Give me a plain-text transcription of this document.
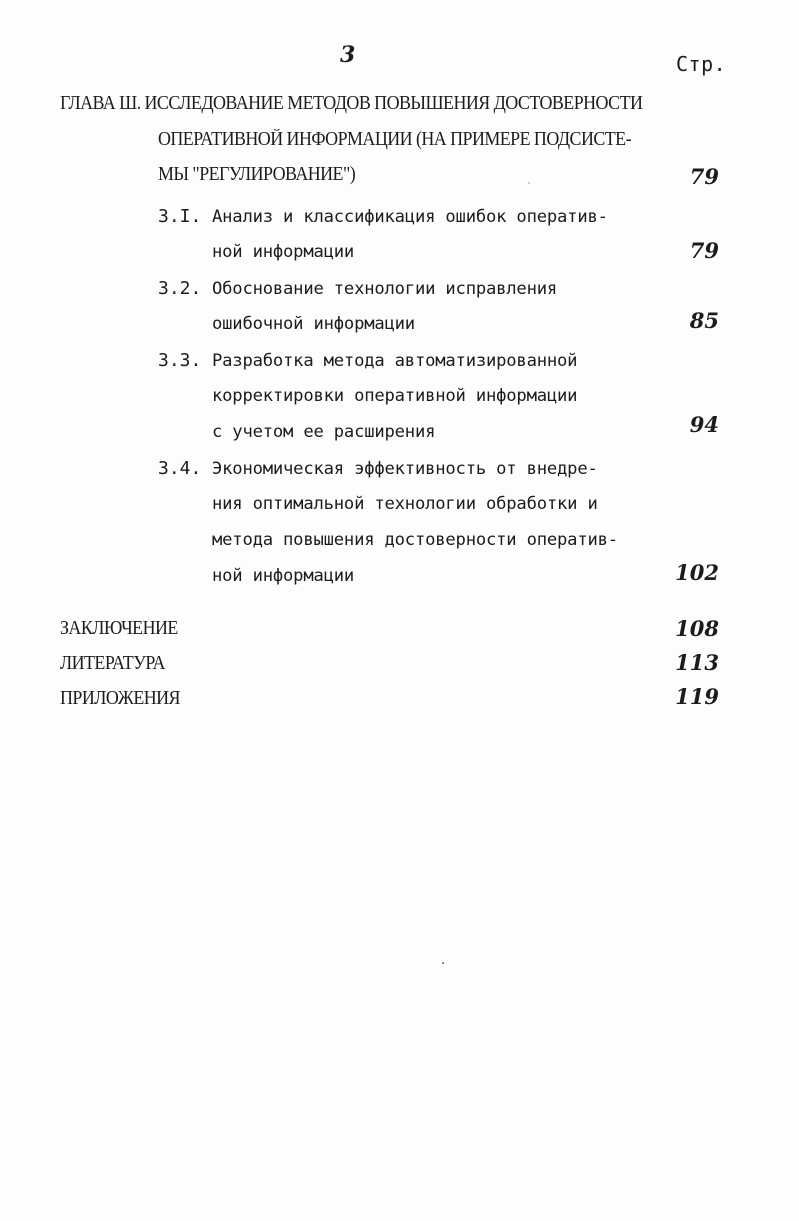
3	Стр.
ГЛАВА Ш. ИССЛЕДОВАНИЕ МЕТОДОВ ПОВЫШЕНИЯ ДОСТОВЕРНОСТИ
ОПЕРАТИВНОЙ ИНФОРМАЦИИ (НА ПРИМЕРЕ ПОДСИСТЕ-
МЫ "РЕГУЛИРОВАНИЕ")	79
3.I. Анализ и классификация ошибок оператив-
ной информации	79
3.2. Обоснование технологии исправления
ошибочной информации	85
3.3. Разработка метода автоматизированной
корректировки оперативной информации
с учетом ее расширения	94
3.4. Экономическая эффективность от внедре-
ния оптимальной технологии обработки и
метода повышения достоверности оператив-
ной информации	102
ЗАКЛЮЧЕНИЕ	108
ЛИТЕРАТУРА	113
ПРИЛОЖЕНИЯ	119
